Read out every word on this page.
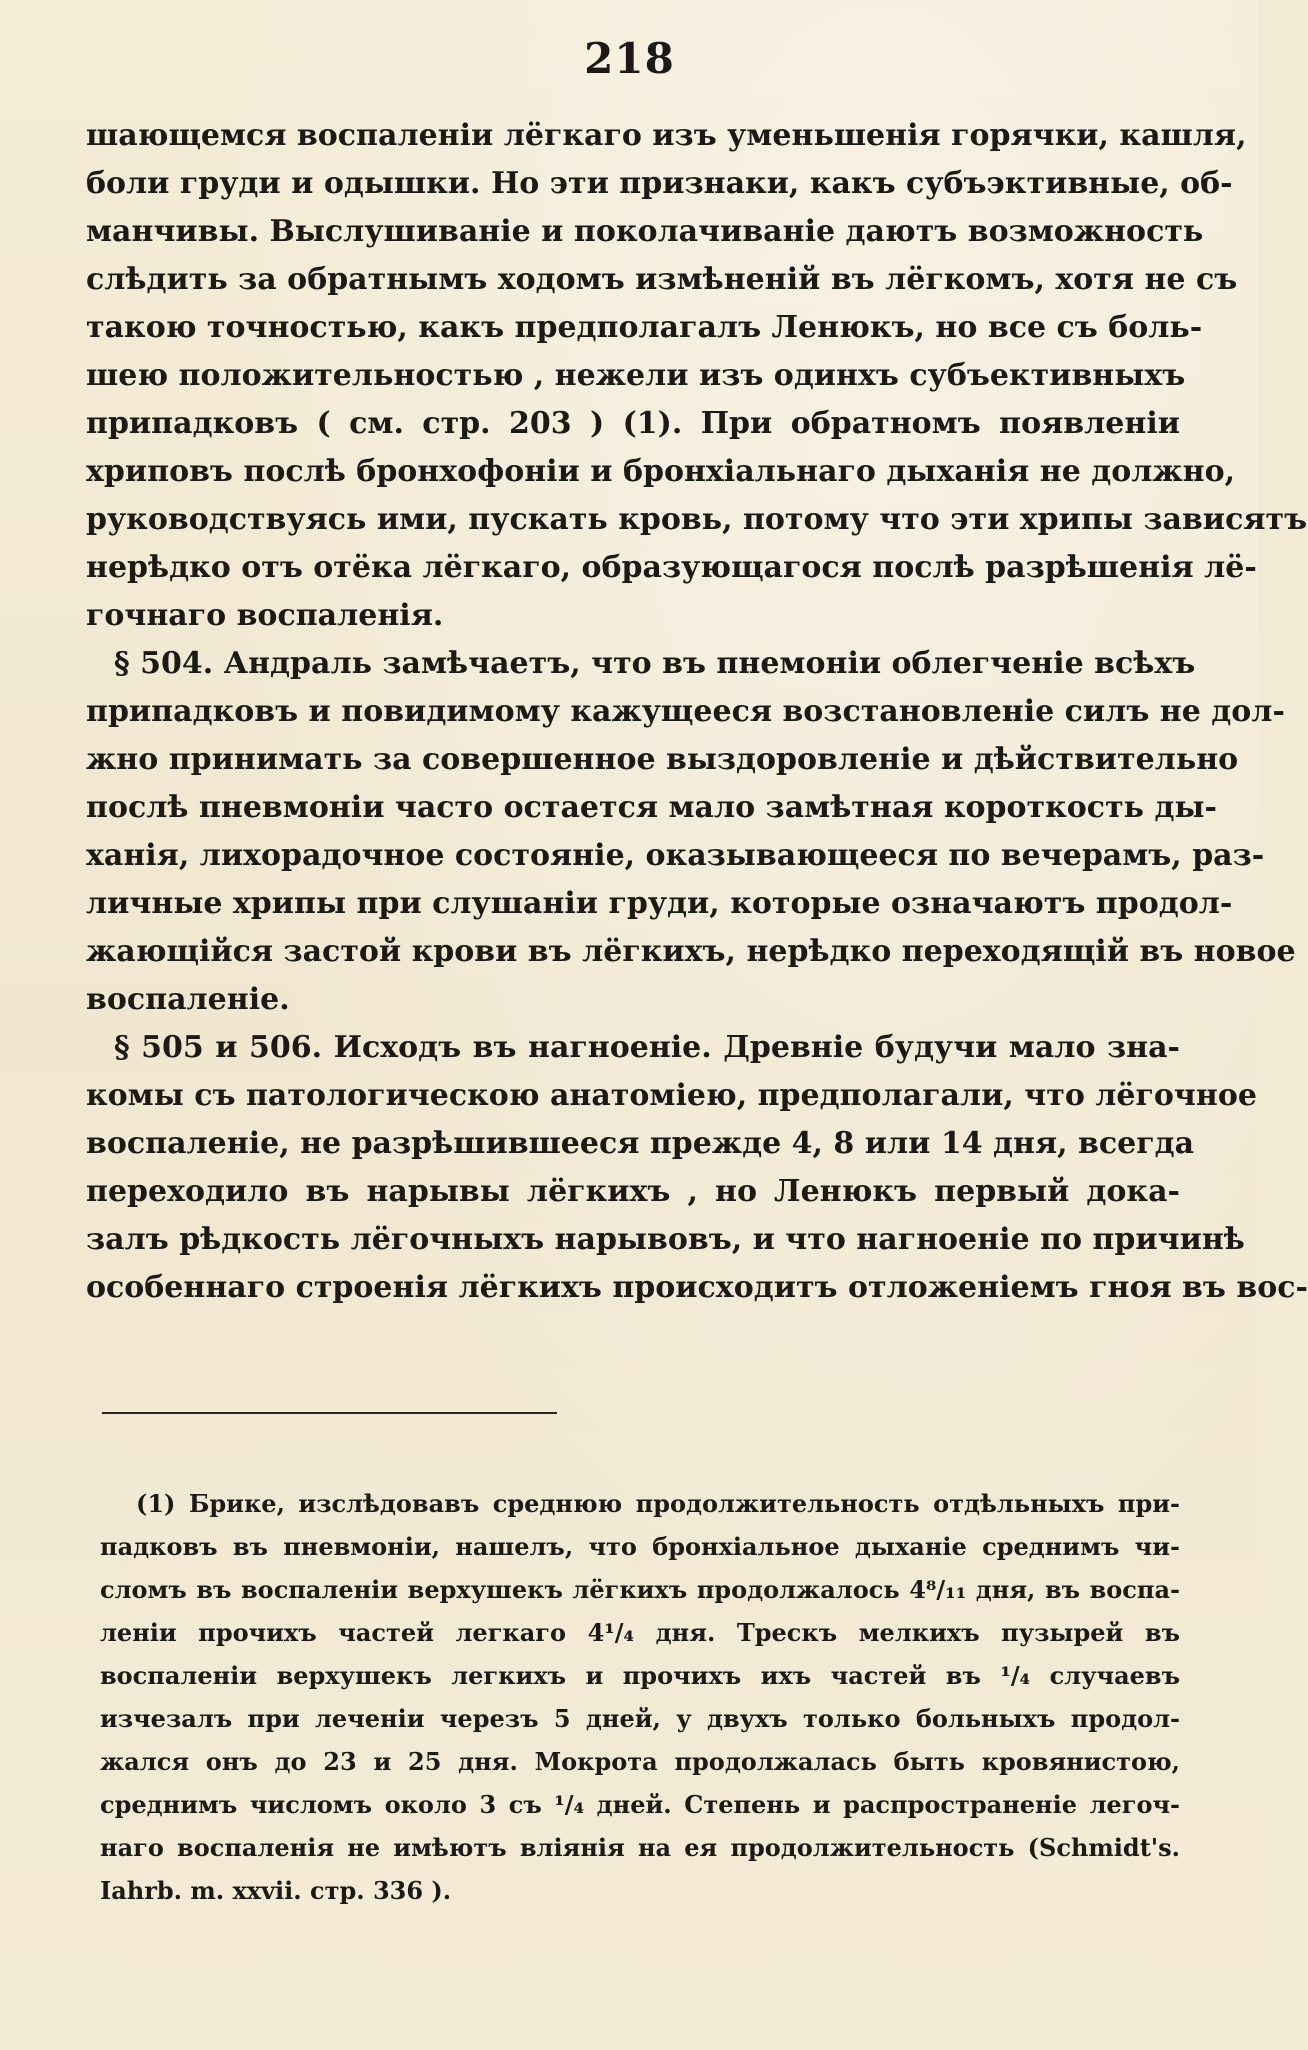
218
шающемся воспаленіи лёгкаго изъ уменьшенія горячки, кашля,
боли груди и одышки. Но эти признаки, какъ субъэктивные, об-
манчивы. Выслушиваніе и поколачиваніе даютъ возможность
слѣдить за обратнымъ ходомъ измѣненій въ лёгкомъ, хотя не съ
такою точностью, какъ предполагалъ Ленюкъ, но все съ боль-
шею положительностью , нежели изъ одинхъ субъективныхъ
припадковъ ( см. стр. 203 ) (1). При обратномъ появленіи
хриповъ послѣ бронхофоніи и бронхіальнаго дыханія не должно,
руководствуясь ими, пускать кровь, потому что эти хрипы зависятъ
нерѣдко отъ отёка лёгкаго, образующагося послѣ разрѣшенія лё-
гочнаго воспаленія.
§ 504. Андраль замѣчаетъ, что въ пнемоніи облегченіе всѣхъ
припадковъ и повидимому кажущееся возстановленіе силъ не дол-
жно принимать за совершенное выздоровленіе и дѣйствительно
послѣ пневмоніи часто остается мало замѣтная короткость ды-
ханія, лихорадочное состояніе, оказывающееся по вечерамъ, раз-
личные хрипы при слушаніи груди, которые означаютъ продол-
жающійся застой крови въ лёгкихъ, нерѣдко переходящій въ новое
воспаленіе.
§ 505 и 506. Исходъ въ нагноеніе. Древніе будучи мало зна-
комы съ патологическою анатоміею, предполагали, что лёгочное
воспаленіе, не разрѣшившееся прежде 4, 8 или 14 дня, всегда
переходило въ нарывы лёгкихъ , но Ленюкъ первый дока-
залъ рѣдкость лёгочныхъ нарывовъ, и что нагноеніе по причинѣ
особеннаго строенія лёгкихъ происходитъ отложеніемъ гноя въ вос-
(1) Брике, изслѣдовавъ среднюю продолжительность отдѣльныхъ при-
падковъ въ пневмоніи, нашелъ, что бронхіальное дыханіе среднимъ чи-
сломъ въ воспаленіи верхушекъ лёгкихъ продолжалось 4⁸/₁₁ дня, въ воспа-
леніи прочихъ частей легкаго 4¹/₄ дня. Трескъ мелкихъ пузырей въ
воспаленіи верхушекъ легкихъ и прочихъ ихъ частей въ ¹/₄ случаевъ
изчезалъ при леченіи черезъ 5 дней, у двухъ только больныхъ продол-
жался онъ до 23 и 25 дня. Мокрота продолжалась быть кровянистою,
среднимъ числомъ около 3 съ ¹/₄ дней. Степень и распространеніе легоч-
наго воспаленія не имѣютъ вліянія на ея продолжительность (Schmidt's.
Iahrb. m. xxvii. стр. 336 ).
